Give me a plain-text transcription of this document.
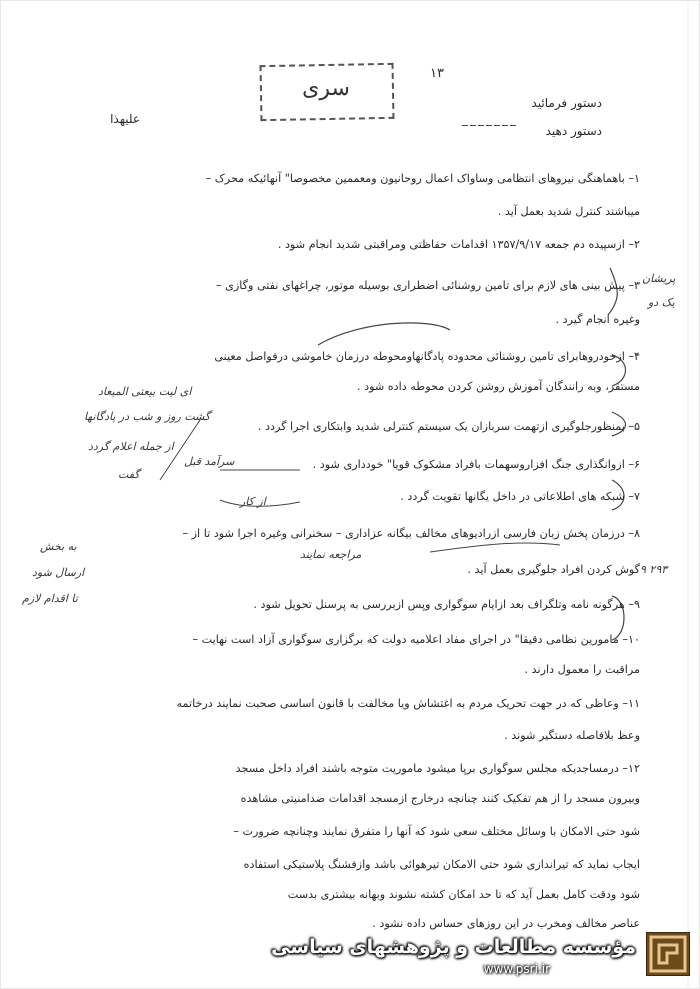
سری
۱۳
دستور فرمائید
علیهذا	_______
دستور دهید
۱– باهماهنگی نیروهای انتظامی وساواک اعمال روحانیون ومعممین مخصوصا" آنهائیکه محرک –
میباشند کنترل شدید بعمل آید .
۲– ازسپیده دم جمعه ۱۳۵۷/۹/۱۷ اقدامات حفاظتی ومراقبتی شدید انجام شود .
۳– پیش بینی های لازم برای تامین روشنائی اضطراری بوسیله موتور، چراغهای نفتی وگازی –
وغیره انجام گیرد .
۴– ازخودروهابرای تامین روشنائی محدوده پادگانهاومحوطه درزمان خاموشی درفواصل معینی
مستقر، وبه رانندگان آموزش روشن کردن محوطه داده شود .
۵– بمنظورجلوگیری ازتهمت سربازان یک سیستم کنترلی شدید وابتکاری اجرا گردد .
۶– ازوانگذاری جنگ افزاروسهمات بافراد مشکوک قویا" خودداری شود .
۷– شبکه های اطلاعاتی در داخل یگانها تقویت گردد .
۸– درزمان پخش زبان فارسی ازرادیوهای مخالف بیگانه عزاداری – سخنرانی وغیره اجرا شود تا از –
گوش کردن افراد جلوگیری بعمل آید .
۹– هرگونه نامه وتلگراف بعد ازایام سوگواری وپس ازبررسی به پرسنل تحویل شود .
۱۰– مامورین نظامی دقیقا" در اجرای مفاد اعلامیه دولت که برگزاری سوگواری آزاد است نهایت –
مراقبت را معمول دارند .
۱۱– وعاظی که در جهت تحریک مردم به اغتشاش ویا مخالفت با قانون اساسی صحبت نمایند درخاتمه
وعظ بلافاصله دستگیر شوند .
۱۲– درمساجدیکه مجلس سوگواری برپا میشود ماموریت متوجه باشند افراد داخل مسجد
وبیرون مسجد را از هم تفکیک کنند چنانچه درخارج ازمسجد اقدامات ضدامنیتی مشاهده
شود حتی الامکان با وسائل مختلف سعی شود که آنها را متفرق نمایند وچنانچه ضرورت –
ایجاب نماید که تیراندازی شود حتی الامکان تیرهوائی باشد وازفشنگ پلاستیکی استفاده
شود ودقت کامل بعمل آید که تا حد امکان کشته نشوند وبهانه بیشتری بدست
عناصر مخالف ومخرب در این روزهای حساس داده نشود .
ای لیت بیعتی المیعاد
گشت روز و شب در پادگانها
از جمله اعلام گردد
گفت
سرآمد قبل
از کار
پریشان
یک دو
به بخش
ارسال شود
تا اقدام لازم
مراجعه نمایند
۹ ۲۹۳
مؤسسه مطالعات و پژوهشهای سیاسی
www.psri.ir
